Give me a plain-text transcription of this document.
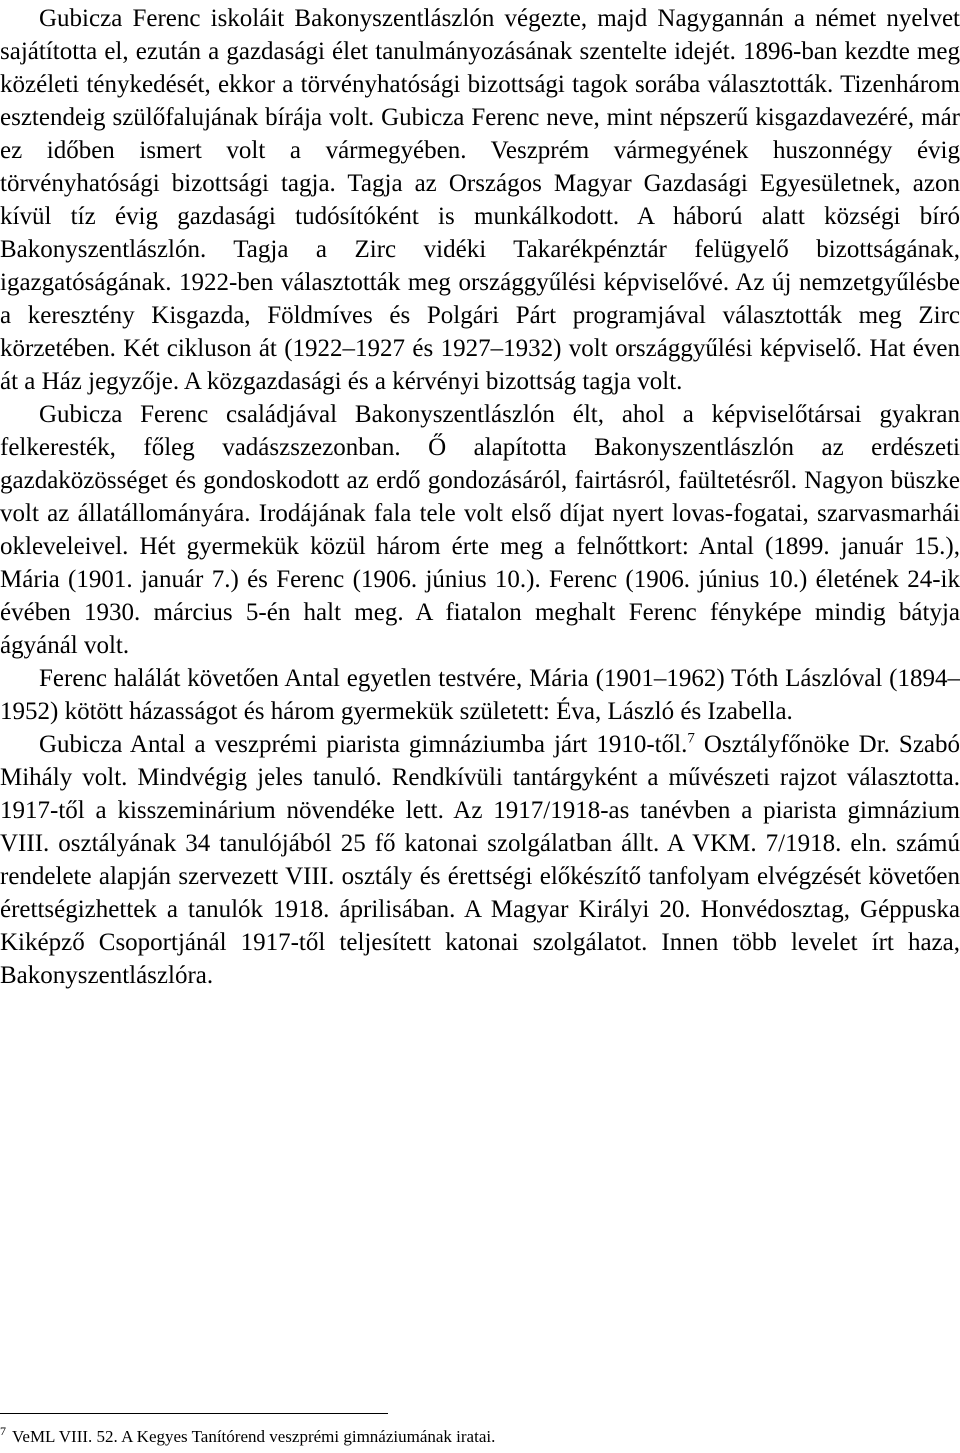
Gubicza Ferenc iskoláit Bakonyszentlászlón végezte, majd Nagygannán a német nyelvet sajátította el, ezután a gazdasági élet tanulmányozásának szentelte idejét. 1896-ban kezdte meg közéleti ténykedését, ekkor a törvényhatósági bizottsági tagok sorába választották. Tizenhárom esztendeig szülőfalujának bírája volt. Gubicza Ferenc neve, mint népszerű kisgazdavezéré, már ez időben ismert volt a vármegyében. Veszprém vármegyének huszonnégy évig törvényhatósági bizottsági tagja. Tagja az Országos Magyar Gazdasági Egyesületnek, azon kívül tíz évig gazdasági tudósítóként is munkálkodott. A háború alatt községi bíró Bakonyszentlászlón. Tagja a Zirc vidéki Takarékpénztár felügyelő bizottságának, igazgatóságának. 1922-ben választották meg országgyűlési képviselővé. Az új nemzetgyűlésbe a keresztény Kisgazda, Földmíves és Polgári Párt programjával választották meg Zirc körzetében. Két cikluson át (1922–1927 és 1927–1932) volt országgyűlési képviselő. Hat éven át a Ház jegyzője. A közgazdasági és a kérvényi bizottság tagja volt.

Gubicza Ferenc családjával Bakonyszentlászlón élt, ahol a képviselőtársai gyakran felkeresték, főleg vadászszezonban. Ő alapította Bakonyszentlászlón az erdészeti gazdaközösséget és gondoskodott az erdő gondozásáról, fairtásról, faültetésről. Nagyon büszke volt az állatállományára. Irodájának fala tele volt első díjat nyert lovas-fogatai, szarvasmarhái okleveleivel. Hét gyermekük közül három érte meg a felnőttkort: Antal (1899. január 15.), Mária (1901. január 7.) és Ferenc (1906. június 10.). Ferenc (1906. június 10.) életének 24-ik évében 1930. március 5-én halt meg. A fiatalon meghalt Ferenc fényképe mindig bátyja ágyánál volt.

Ferenc halálát követően Antal egyetlen testvére, Mária (1901–1962) Tóth Lászlóval (1894–1952) kötött házasságot és három gyermekük született: Éva, László és Izabella.

Gubicza Antal a veszprémi piarista gimnáziumba járt 1910-től.$^7$ Osztályfőnöke Dr. Szabó Mihály volt. Mindvégig jeles tanuló. Rendkívüli tantárgyként a művészeti rajzot választotta. 1917-től a kisszeminárium növendéke lett. Az 1917/1918-as tanévben a piarista gimnázium VIII. osztályának 34 tanulójából 25 fő katonai szolgálatban állt. A VKM. 7/1918. eln. számú rendelete alapján szervezett VIII. osztály és érettségi előkészítő tanfolyam elvégzését követően érettségizhettek a tanulók 1918. áprilisában. A Magyar Királyi 20. Honvédosztag, Géppuska Kiképző Csoportjánál 1917-től teljesített katonai szolgálatot. Innen több levelet írt haza, Bakonyszentlászlóra.

$^7$ VeML VIII. 52. A Kegyes Tanítórend veszprémi gimnáziumának iratai.
